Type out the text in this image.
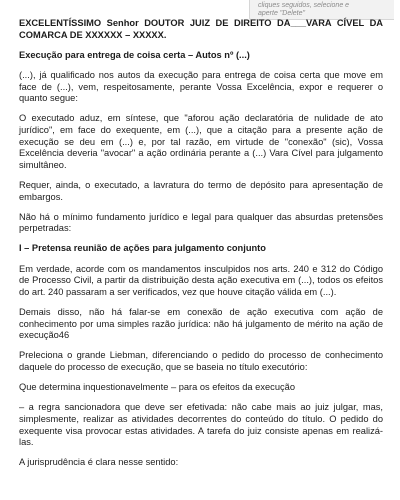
cliques seguidos, selecione e
aperte "Delete"

EXCELENTÍSSIMO Senhor DOUTOR JUIZ DE DIREITO DA___VARA CÍVEL DA COMARCA DE XXXXXX – XXXXX.

Execução para entrega de coisa certa – Autos nº (...)

(...), já qualificado nos autos da execução para entrega de coisa certa que move em face de (...), vem, respeitosamente, perante Vossa Excelência, expor e requerer o quanto segue:

O executado aduz, em síntese, que "aforou ação declaratória de nulidade de ato jurídico", em face do exequente, em (...), que a citação para a presente ação de execução se deu em (...) e, por tal razão, em virtude de "conexão" (sic), Vossa Excelência deveria "avocar" a ação ordinária perante a (...) Vara Cível para julgamento simultâneo.

Requer, ainda, o executado, a lavratura do termo de depósito para apresentação de embargos.

Não há o mínimo fundamento jurídico e legal para qualquer das absurdas pretensões perpetradas:

I – Pretensa reunião de ações para julgamento conjunto

Em verdade, acorde com os mandamentos insculpidos nos arts. 240 e 312 do Código de Processo Civil, a partir da distribuição desta ação executiva em (...), todos os efeitos do art. 240 passaram a ser verificados, vez que houve citação válida em (...).

Demais disso, não há falar-se em conexão de ação executiva com ação de conhecimento por uma simples razão jurídica: não há julgamento de mérito na ação de execução46

Preleciona o grande Liebman, diferenciando o pedido do processo de conhecimento daquele do processo de execução, que se baseia no título executório:

Que determina inquestionavelmente – para os efeitos da execução

– a regra sancionadora que deve ser efetivada: não cabe mais ao juiz julgar, mas, simplesmente, realizar as atividades decorrentes do conteúdo do título. O pedido do exequente visa provocar estas atividades. A tarefa do juiz consiste apenas em realizá-las.

A jurisprudência é clara nesse sentido:
